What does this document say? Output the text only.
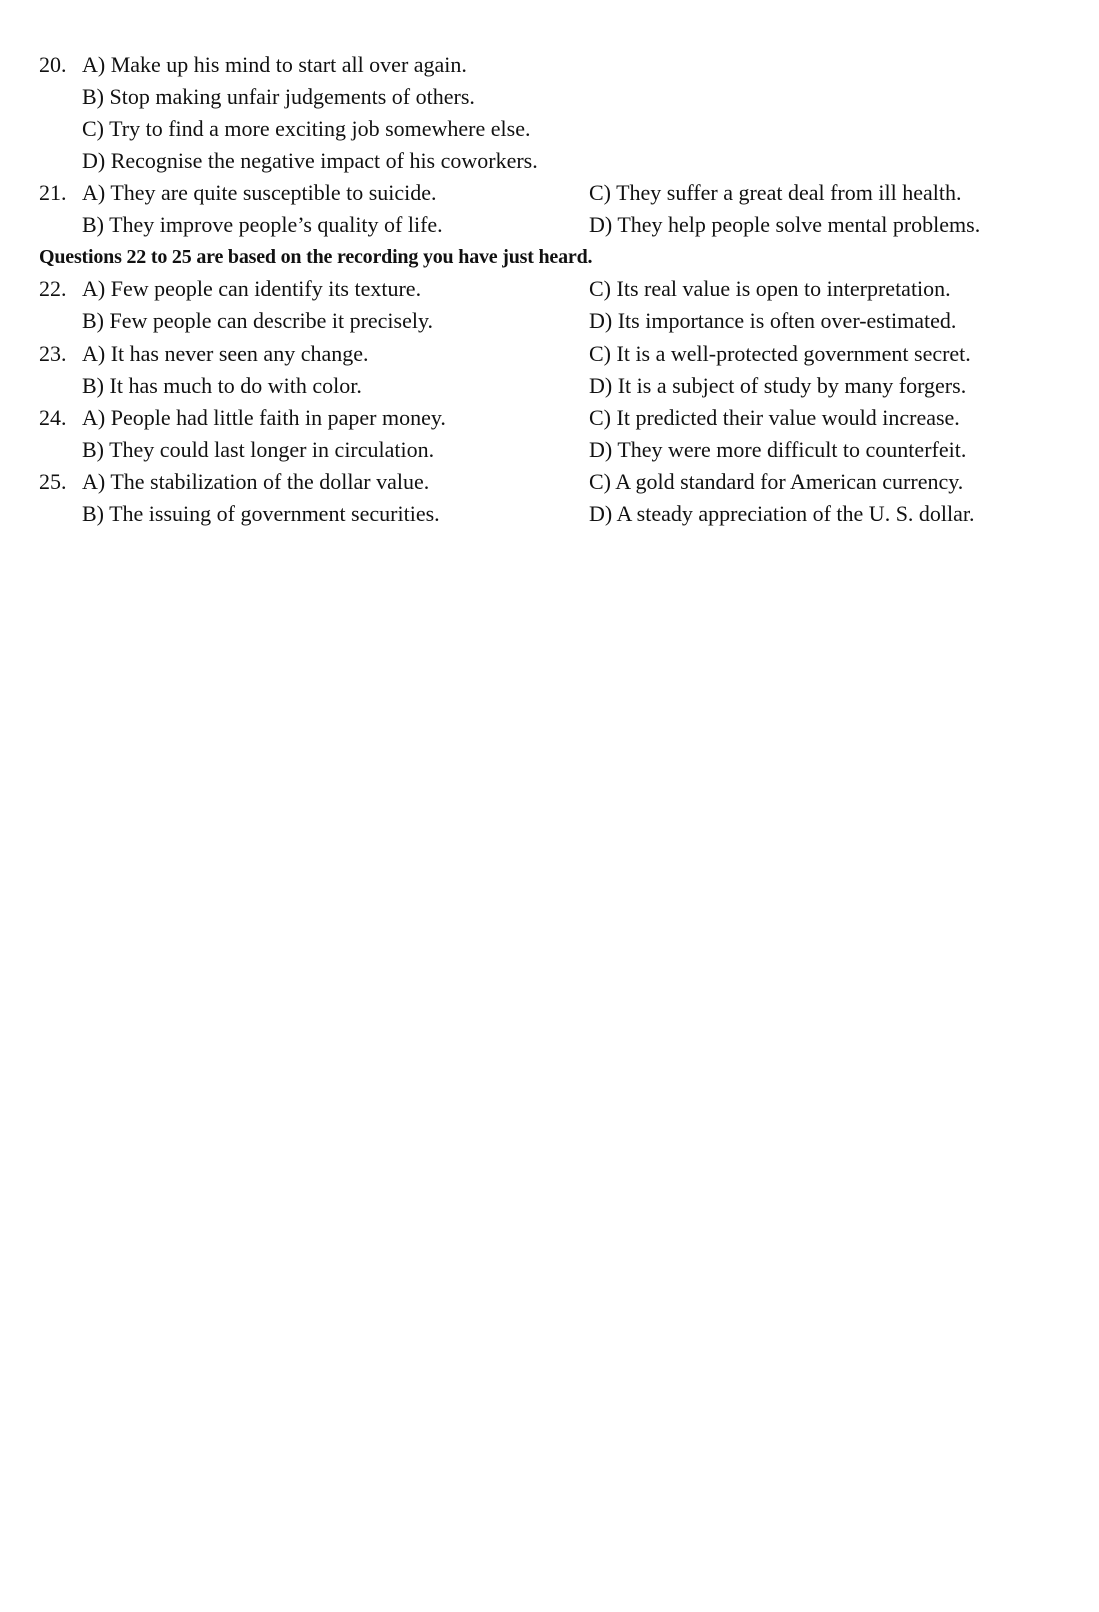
20. A) Make up his mind to start all over again.
B) Stop making unfair judgements of others.
C) Try to find a more exciting job somewhere else.
D) Recognise the negative impact of his coworkers.
21. A) They are quite susceptible to suicide.	C) They suffer a great deal from ill health.
B) They improve people’s quality of life.	D) They help people solve mental problems.
Questions 22 to 25 are based on the recording you have just heard.
22. A) Few people can identify its texture.	C) Its real value is open to interpretation.
B) Few people can describe it precisely.	D) Its importance is often over-estimated.
23. A) It has never seen any change.	C) It is a well-protected government secret.
B) It has much to do with color.	D) It is a subject of study by many forgers.
24. A) People had little faith in paper money.	C) It predicted their value would increase.
B) They could last longer in circulation.	D) They were more difficult to counterfeit.
25. A) The stabilization of the dollar value.	C) A gold standard for American currency.
B) The issuing of government securities.	D) A steady appreciation of the U. S. dollar.
